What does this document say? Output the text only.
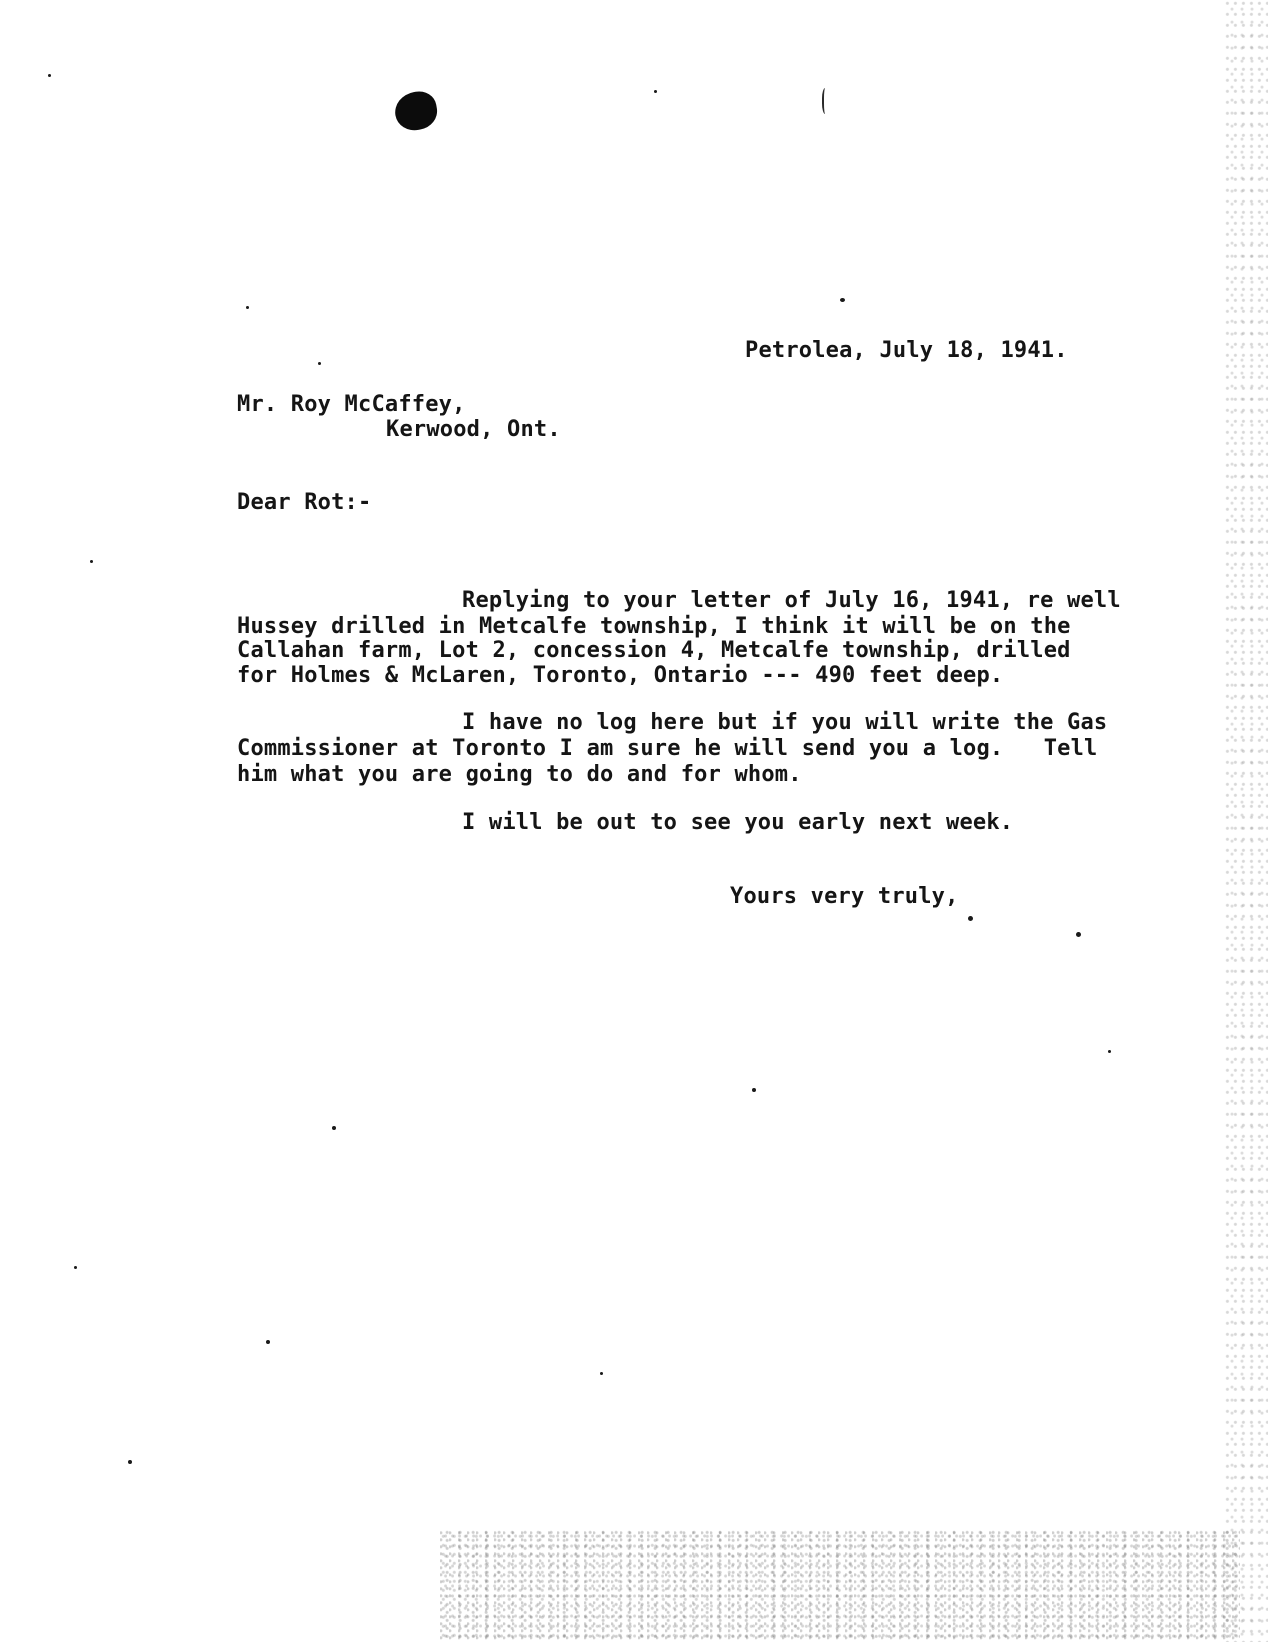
Petrolea, July 18, 1941.
Mr. Roy McCaffey,
Kerwood, Ont.
Dear Rot:-
Replying to your letter of July 16, 1941, re well
Hussey drilled in Metcalfe township, I think it will be on the
Callahan farm, Lot 2, concession 4, Metcalfe township, drilled
for Holmes & McLaren, Toronto, Ontario --- 490 feet deep.
I have no log here but if you will write the Gas
Commissioner at Toronto I am sure he will send you a log.   Tell
him what you are going to do and for whom.
I will be out to see you early next week.
Yours very truly,
